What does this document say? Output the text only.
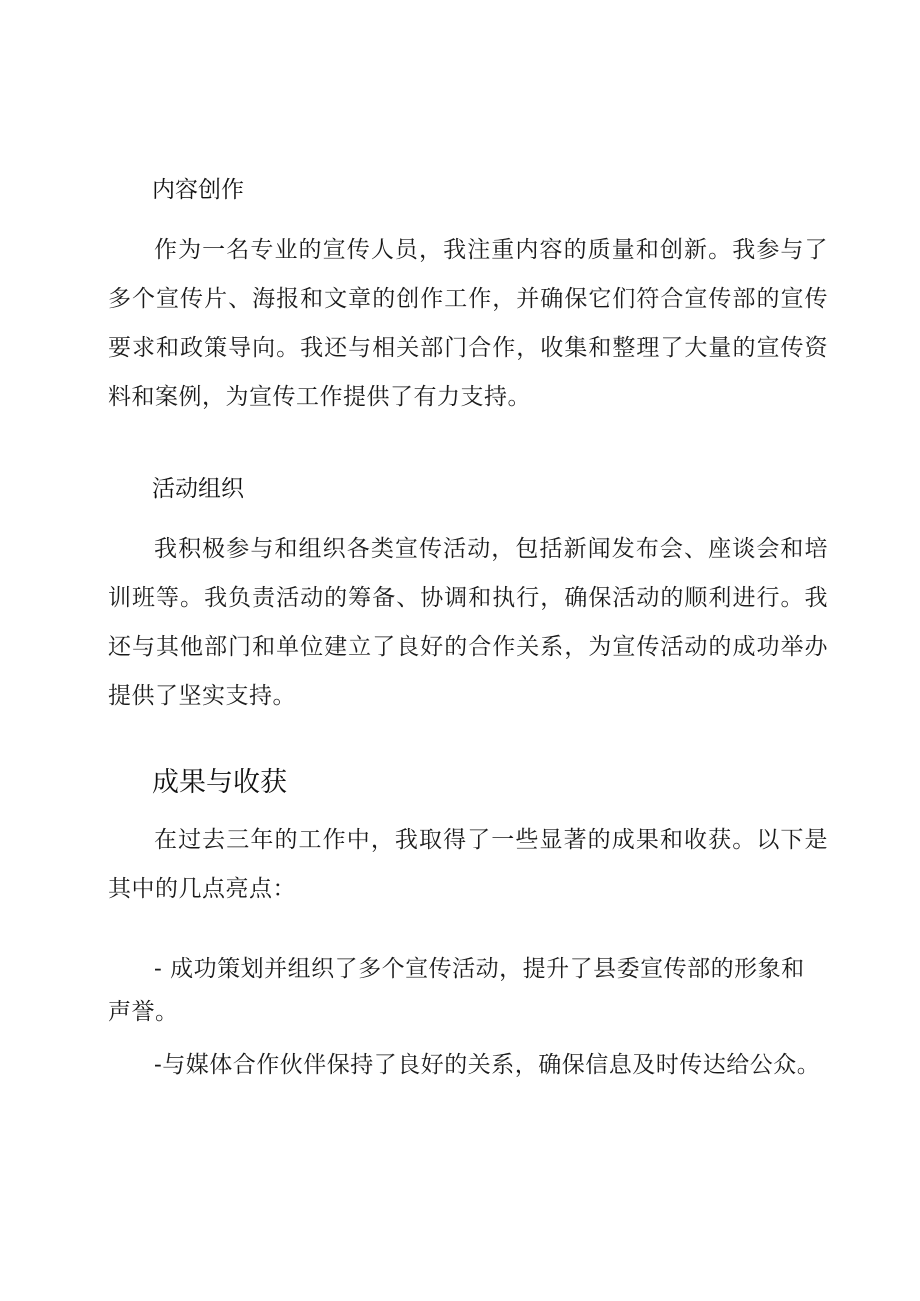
内容创作

作为一名专业的宣传人员，我注重内容的质量和创新。我参与了多个宣传片、海报和文章的创作工作，并确保它们符合宣传部的宣传要求和政策导向。我还与相关部门合作，收集和整理了大量的宣传资料和案例，为宣传工作提供了有力支持。

活动组织

我积极参与和组织各类宣传活动，包括新闻发布会、座谈会和培训班等。我负责活动的筹备、协调和执行，确保活动的顺利进行。我还与其他部门和单位建立了良好的合作关系，为宣传活动的成功举办提供了坚实支持。

成果与收获

在过去三年的工作中，我取得了一些显著的成果和收获。以下是其中的几点亮点：

- 成功策划并组织了多个宣传活动，提升了县委宣传部的形象和声誉。

-与媒体合作伙伴保持了良好的关系，确保信息及时传达给公众。
